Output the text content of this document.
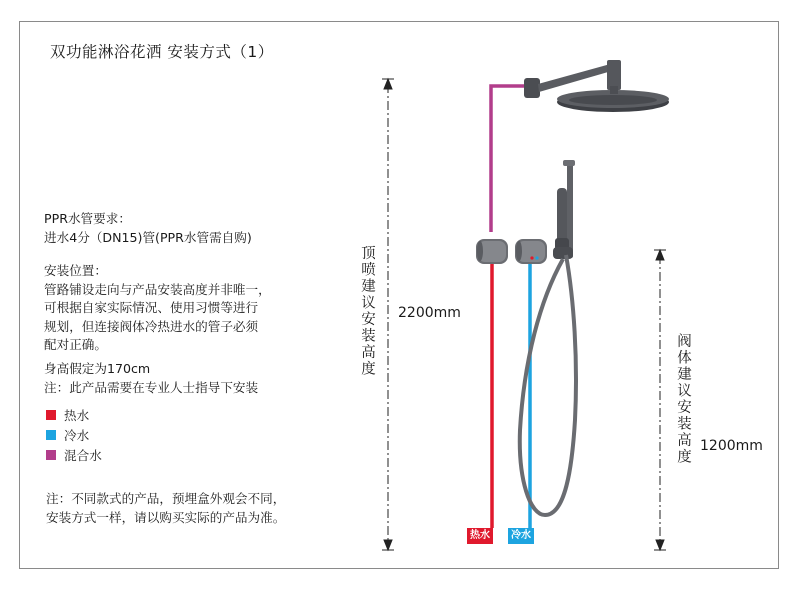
双功能淋浴花洒 安装方式（1）
PPR水管要求：
进水4分（DN15)管(PPR水管需自购)
安装位置：
管路铺设走向与产品安装高度并非唯一，
可根据自家实际情况、使用习惯等进行
规划，但连接阀体冷热进水的管子必须
配对正确。
身高假定为170cm
注：此产品需要在专业人士指导下安装
热水
冷水
混合水
注：不同款式的产品，预埋盒外观会不同，
安装方式一样，请以购买实际的产品为准。
顶喷建议安装高度 2200mm
阀体建议安装高度 1200mm
热水	冷水
